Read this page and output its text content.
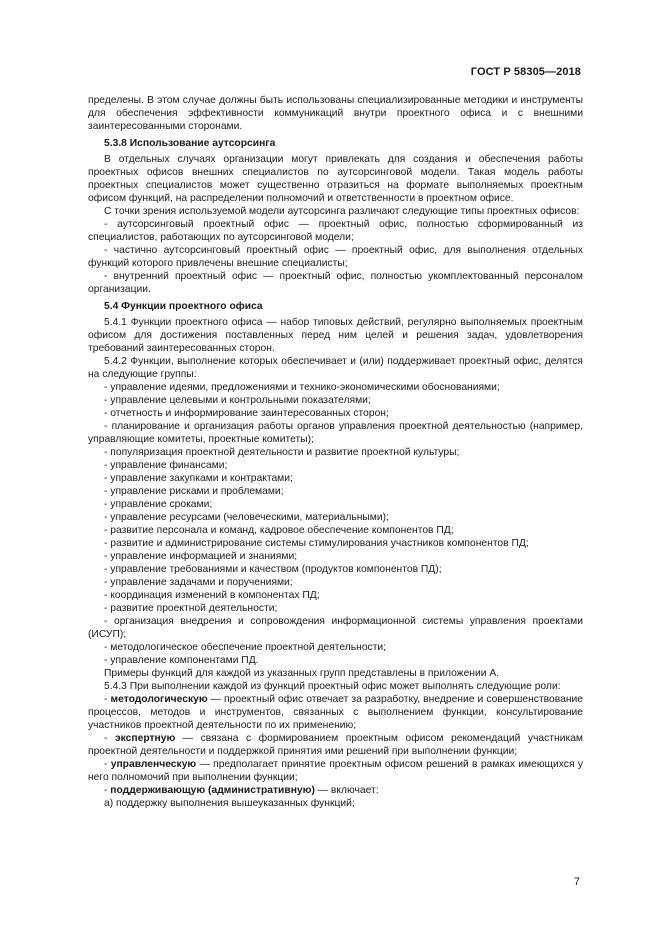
ГОСТ Р 58305—2018

пределены. В этом случае должны быть использованы специализированные методики и инструменты для обеспечения эффективности коммуникаций внутри проектного офиса и с внешними заинтересованными сторонами.

5.3.8 Использование аутсорсинга

В отдельных случаях организации могут привлекать для создания и обеспечения работы проектных офисов внешних специалистов по аутсорсинговой модели. Такая модель работы проектных специалистов может существенно отразиться на формате выполняемых проектным офисом функций, на распределении полномочий и ответственности в проектном офисе.

С точки зрения используемой модели аутсорсинга различают следующие типы проектных офисов:

- аутсорсинговый проектный офис — проектный офис, полностью сформированный из специалистов, работающих по аутсорсинговой модели;

- частично аутсорсинговый проектный офис — проектный офис, для выполнения отдельных функций которого привлечены внешние специалисты;

- внутренний проектный офис — проектный офис, полностью укомплектованный персоналом организации.

5.4 Функции проектного офиса

5.4.1 Функции проектного офиса — набор типовых действий, регулярно выполняемых проектным офисом для достижения поставленных перед ним целей и решения задач, удовлетворения требований заинтересованных сторон.

5.4.2 Функции, выполнение которых обеспечивает и (или) поддерживает проектный офис, делятся на следующие группы:

- управление идеями, предложениями и технико-экономическими обоснованиями;

- управление целевыми и контрольными показателями;

- отчетность и информирование заинтересованных сторон;

- планирование и организация работы органов управления проектной деятельностью (например, управляющие комитеты, проектные комитеты);

- популяризация проектной деятельности и развитие проектной культуры;

- управление финансами;

- управление закупками и контрактами;

- управление рисками и проблемами;

- управление сроками;

- управление ресурсами (человеческими, материальными);

- развитие персонала и команд, кадровое обеспечение компонентов ПД;

- развитие и администрирование системы стимулирования участников компонентов ПД;

- управление информацией и знаниями;

- управление требованиями и качеством (продуктов компонентов ПД);

- управление задачами и поручениями;

- координация изменений в компонентах ПД;

- развитие проектной деятельности;

- организация внедрения и сопровождения информационной системы управления проектами (ИСУП);

- методологическое обеспечение проектной деятельности;

- управление компонентами ПД.

Примеры функций для каждой из указанных групп представлены в приложении А.

5.4.3 При выполнении каждой из функций проектный офис может выполнять следующие роли:

- методологическую — проектный офис отвечает за разработку, внедрение и совершенствование процессов, методов и инструментов, связанных с выполнением функции, консультирование участников проектной деятельности по их применению;

- экспертную — связана с формированием проектным офисом рекомендаций участникам проектной деятельности и поддержкой принятия ими решений при выполнении функции;

- управленческую — предполагает принятие проектным офисом решений в рамках имеющихся у него полномочий при выполнении функции;

- поддерживающую (административную) — включает:

а) поддержку выполнения вышеуказанных функций;

7
